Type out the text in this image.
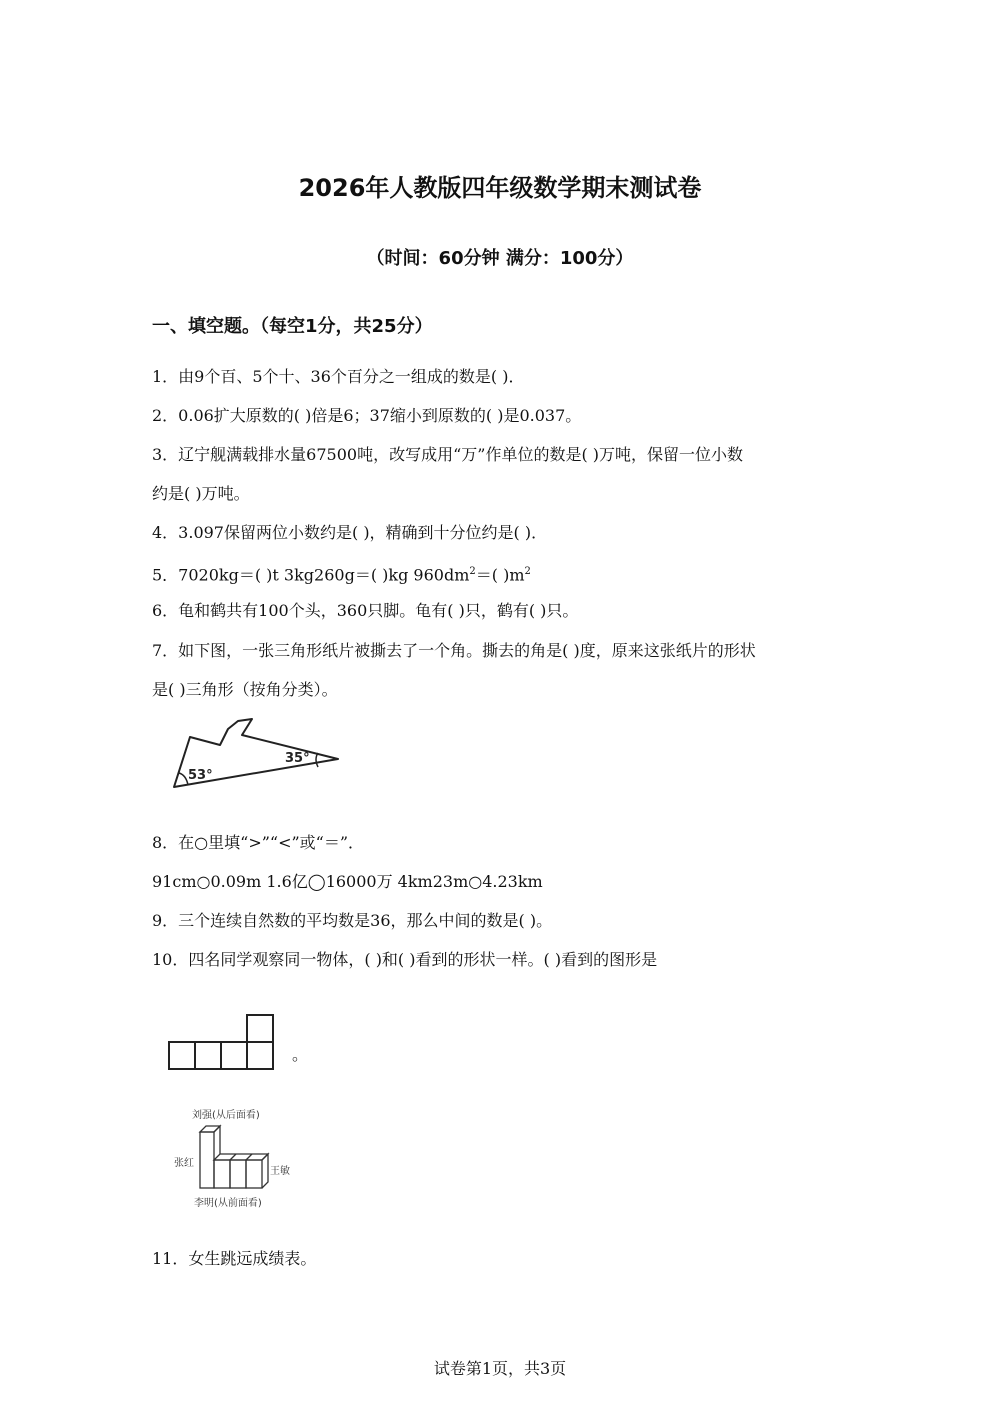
2026年人教版四年级数学期末测试卷
（时间：60分钟 满分：100分）
一、填空题。（每空1分，共25分）
1．由9个百、5个十、36个百分之一组成的数是( )．
2．0.06扩大原数的( )倍是6；37缩小到原数的( )是0.037。
3．辽宁舰满载排水量67500吨，改写成用“万”作单位的数是( )万吨，保留一位小数
约是( )万吨。
4．3.097保留两位小数约是( )，精确到十分位约是( )．
5．7020kg＝( )t 3kg260g＝( )kg $960dm^2=$( )$m^2$
6．龟和鹤共有100个头，360只脚。龟有( )只，鹤有( )只。
7．如下图，一张三角形纸片被撕去了一个角。撕去的角是( )度，原来这张纸片的形状
是( )三角形（按角分类）。
53°
35°
8．在○里填“>”“<”或“＝”．
91cm○0.09m 1.6亿◯16000万 4km23m○4.23km
9．三个连续自然数的平均数是36，那么中间的数是( )。
10．四名同学观察同一物体，( )和( )看到的形状一样。( )看到的图形是
。
刘强(从后面看)
张红
王敏
李明(从前面看)
11．女生跳远成绩表。
试卷第1页，共3页
